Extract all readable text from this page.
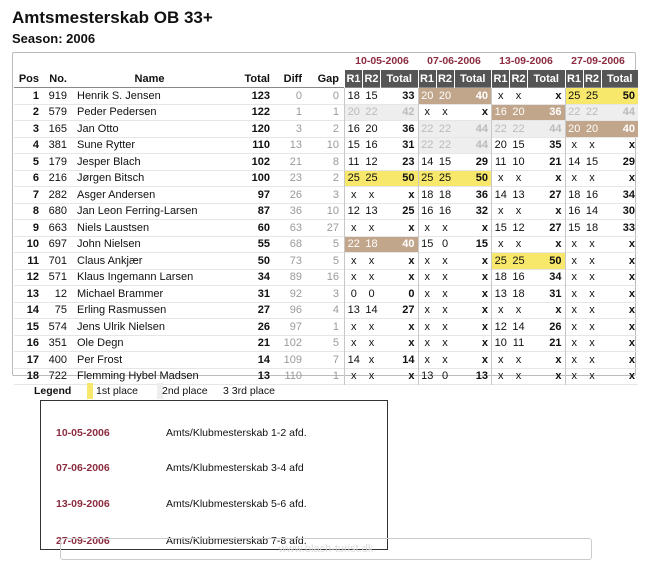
Amtsmesterskab OB 33+
Season: 2006
10-05-2006	07-06-2006	13-09-2006	27-09-2006
Pos	No.	Name	Total	Diff	Gap	R1	R2	Total	R1	R2	Total	R1	R2	Total	R1	R2	Total
1	919	Henrik S. Jensen	123	0	0	18	15	33	20	20	40	x	x	x	25	25	50
2	579	Peder Pedersen	122	1	1	20	22	42	x	x	x	16	20	36	22	22	44
3	165	Jan Otto	120	3	2	16	20	36	22	22	44	22	22	44	20	20	40
4	381	Sune Rytter	110	13	10	15	16	31	22	22	44	20	15	35	x	x	x
5	179	Jesper Blach	102	21	8	11	12	23	14	15	29	11	10	21	14	15	29
6	216	Jørgen Bitsch	100	23	2	25	25	50	25	25	50	x	x	x	x	x	x
7	282	Asger Andersen	97	26	3	x	x	x	18	18	36	14	13	27	18	16	34
8	680	Jan Leon Ferring-Larsen	87	36	10	12	13	25	16	16	32	x	x	x	16	14	30
9	663	Niels Laustsen	60	63	27	x	x	x	x	x	x	15	12	27	15	18	33
10	697	John Nielsen	55	68	5	22	18	40	15	0	15	x	x	x	x	x	x
11	701	Claus Ankjær	50	73	5	x	x	x	x	x	x	25	25	50	x	x	x
12	571	Klaus Ingemann Larsen	34	89	16	x	x	x	x	x	x	18	16	34	x	x	x
13	12	Michael Brammer	31	92	3	0	0	0	x	x	x	13	18	31	x	x	x
14	75	Erling Rasmussen	27	96	4	13	14	27	x	x	x	x	x	x	x	x	x
15	574	Jens Ulrik Nielsen	26	97	1	x	x	x	x	x	x	12	14	26	x	x	x
16	351	Ole Degn	21	102	5	x	x	x	x	x	x	10	11	21	x	x	x
17	400	Per Frost	14	109	7	14	x	14	x	x	x	x	x	x	x	x	x
18	722	Flemming Hybel Madsen	13	110	1	x	x	x	13	0	13	x	x	x	x	x	x
Legend 1st place 2nd place 3 3rd place
10-05-2006	Amts/Klubmesterskab 1-2 afd.
07-06-2006	Amts/Klubmesterskab 3-4 afd
13-09-2006	Amts/Klubmesterskab 5-6 afd.
27-09-2006	Amts/Klubmesterskab 7-8 afd.
www.blach-turist.dk
